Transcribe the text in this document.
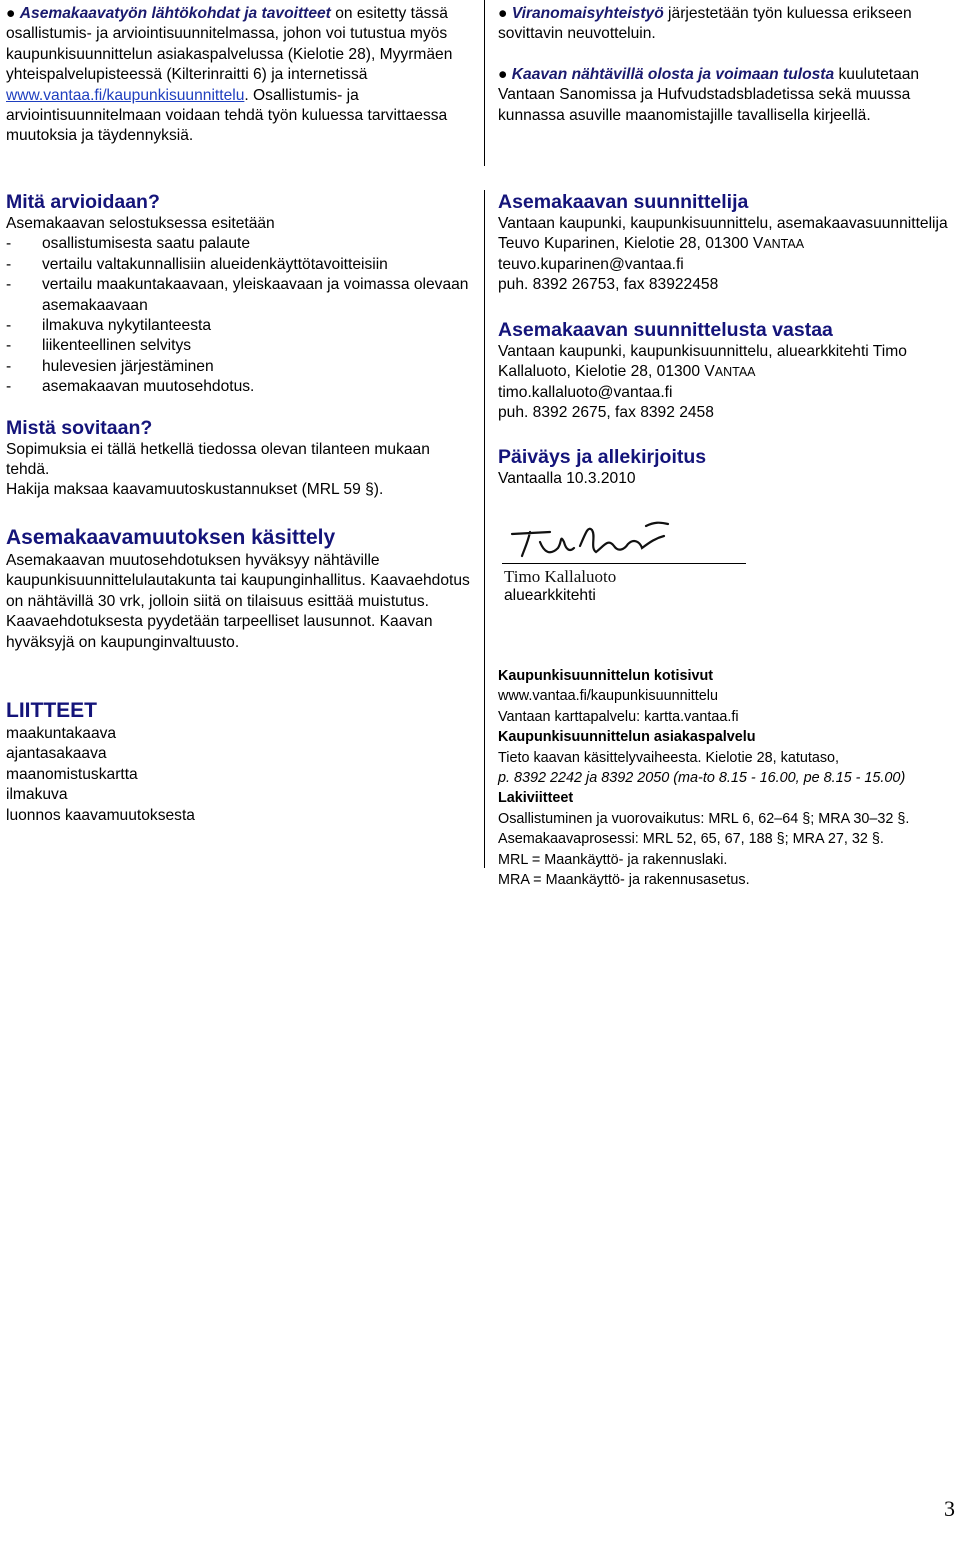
● Asemakaavatyön lähtökohdat ja tavoitteet on esitetty tässä osallistumis- ja arviointisuunnitelmassa, johon voi tutustua myös kaupunkisuunnittelun asiakaspalvelussa (Kielotie 28), Myyrmäen yhteispalvelupisteessä (Kilterinraitti 6) ja internetissä www.vantaa.fi/kaupunkisuunnittelu. Osallistumis- ja arviointisuunnitelmaan voidaan tehdä työn kuluessa tarvittaessa muutoksia ja täydennyksiä.

● Viranomaisyhteistyö järjestetään työn kuluessa erikseen sovittavin neuvotteluin.

● Kaavan nähtävillä olosta ja voimaan tulosta kuulutetaan Vantaan Sanomissa ja Hufvudstadsbladetissa sekä muussa kunnassa asuville maanomistajille tavallisella kirjeellä.

Mitä arvioidaan?

Asemakaavan selostuksessa esitetään

-	osallistumisesta saatu palaute
-	vertailu valtakunnallisiin alueidenkäyttötavoitteisiin
-	vertailu maakuntakaavaan, yleiskaavaan ja voimassa olevaan asemakaavaan
-	ilmakuva nykytilanteesta
-	liikenteellinen selvitys
-	hulevesien järjestäminen
-	asemakaavan muutosehdotus.
Mistä sovitaan?

Sopimuksia ei tällä hetkellä tiedossa olevan tilanteen mukaan tehdä.

Hakija maksaa kaavamuutoskustannukset (MRL 59 §).

Asemakaavamuutoksen käsittely

Asemakaavan muutosehdotuksen hyväksyy nähtäville kaupunkisuunnittelulautakunta tai kaupunginhallitus. Kaavaehdotus on nähtävillä 30 vrk, jolloin siitä on tilaisuus esittää muistutus. Kaavaehdotuksesta pyydetään tarpeelliset lausunnot. Kaavan hyväksyjä on kaupunginvaltuusto.

LIITTEET

maakuntakaava

ajantasakaava

maanomistuskartta

ilmakuva

luonnos kaavamuutoksesta

Asemakaavan suunnittelija

Vantaan kaupunki, kaupunkisuunnittelu, asemakaavasuunnittelija Teuvo Kuparinen, Kielotie 28, 01300 VANTAA

teuvo.kuparinen@vantaa.fi

puh. 8392 26753, fax 83922458

Asemakaavan suunnittelusta vastaa

Vantaan kaupunki, kaupunkisuunnittelu, aluearkkitehti Timo Kallaluoto, Kielotie 28, 01300 VANTAA

timo.kallaluoto@vantaa.fi

puh. 8392 2675, fax 8392 2458

Päiväys ja allekirjoitus

Vantaalla 10.3.2010

Timo Kallaluoto
aluearkkitehti

Kaupunkisuunnittelun kotisivut

www.vantaa.fi/kaupunkisuunnittelu

Vantaan karttapalvelu: kartta.vantaa.fi

Kaupunkisuunnittelun asiakaspalvelu

Tieto kaavan käsittelyvaiheesta. Kielotie 28, katutaso,

p. 8392 2242 ja 8392 2050 (ma-to 8.15 - 16.00, pe 8.15 - 15.00)

Lakiviitteet

Osallistuminen ja vuorovaikutus: MRL 6, 62–64 §; MRA 30–32 §.

Asemakaavaprosessi: MRL 52, 65, 67, 188 §; MRA 27, 32 §.

MRL = Maankäyttö- ja rakennuslaki.

MRA = Maankäyttö- ja rakennusasetus.

3
